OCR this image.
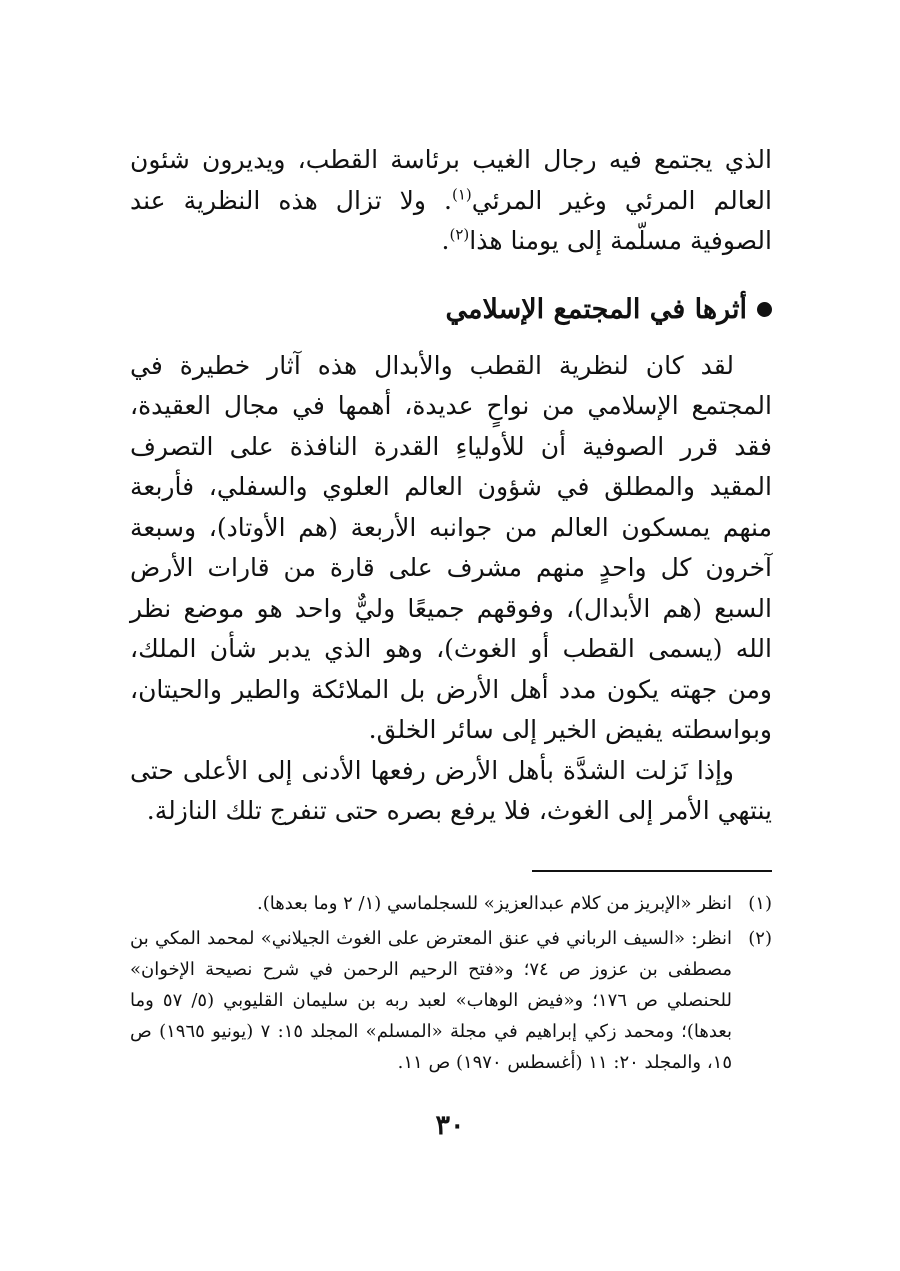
الذي يجتمع فيه رجال الغيب برئاسة القطب، ويديرون شئون العالم المرئي وغير المرئي$^{(١)}$. ولا تزال هذه النظرية عند الصوفية مسلّمة إلى يومنا هذا$^{(٢)}$.

أثرها في المجتمع الإسلامي

لقد كان لنظرية القطب والأبدال هذه آثار خطيرة في المجتمع الإسلامي من نواحٍ عديدة، أهمها في مجال العقيدة، فقد قرر الصوفية أن للأولياءِ القدرة النافذة على التصرف المقيد والمطلق في شؤون العالم العلوي والسفلي، فأربعة منهم يمسكون العالم من جوانبه الأربعة (هم الأوتاد)، وسبعة آخرون كل واحدٍ منهم مشرف على قارة من قارات الأرض السبع (هم الأبدال)، وفوقهم جميعًا وليٌّ واحد هو موضع نظر الله (يسمى القطب أو الغوث)، وهو الذي يدبر شأن الملك، ومن جهته يكون مدد أهل الأرض بل الملائكة والطير والحيتان، وبواسطته يفيض الخير إلى سائر الخلق.

وإذا نَزلت الشدَّة بأهل الأرض رفعها الأدنى إلى الأعلى حتى ينتهي الأمر إلى الغوث، فلا يرفع بصره حتى تنفرج تلك النازلة.

(١)
انظر «الإبريز من كلام عبدالعزيز» للسجلماسي (١/ ٢ وما بعدها).
(٢)
انظر: «السيف الرباني في عنق المعترض على الغوث الجيلاني» لمحمد المكي بن مصطفى بن عزوز ص ٧٤؛ و«فتح الرحيم الرحمن في شرح نصيحة الإخوان» للحنصلي ص ١٧٦؛ و«فيض الوهاب» لعبد ربه بن سليمان القليوبي (٥/ ٥٧ وما بعدها)؛ ومحمد زكي إبراهيم في مجلة «المسلم» المجلد ١٥: ٧ (يونيو ١٩٦٥) ص ١٥، والمجلد ٢٠: ١١ (أغسطس ١٩٧٠) ص ١١.
٣٠
